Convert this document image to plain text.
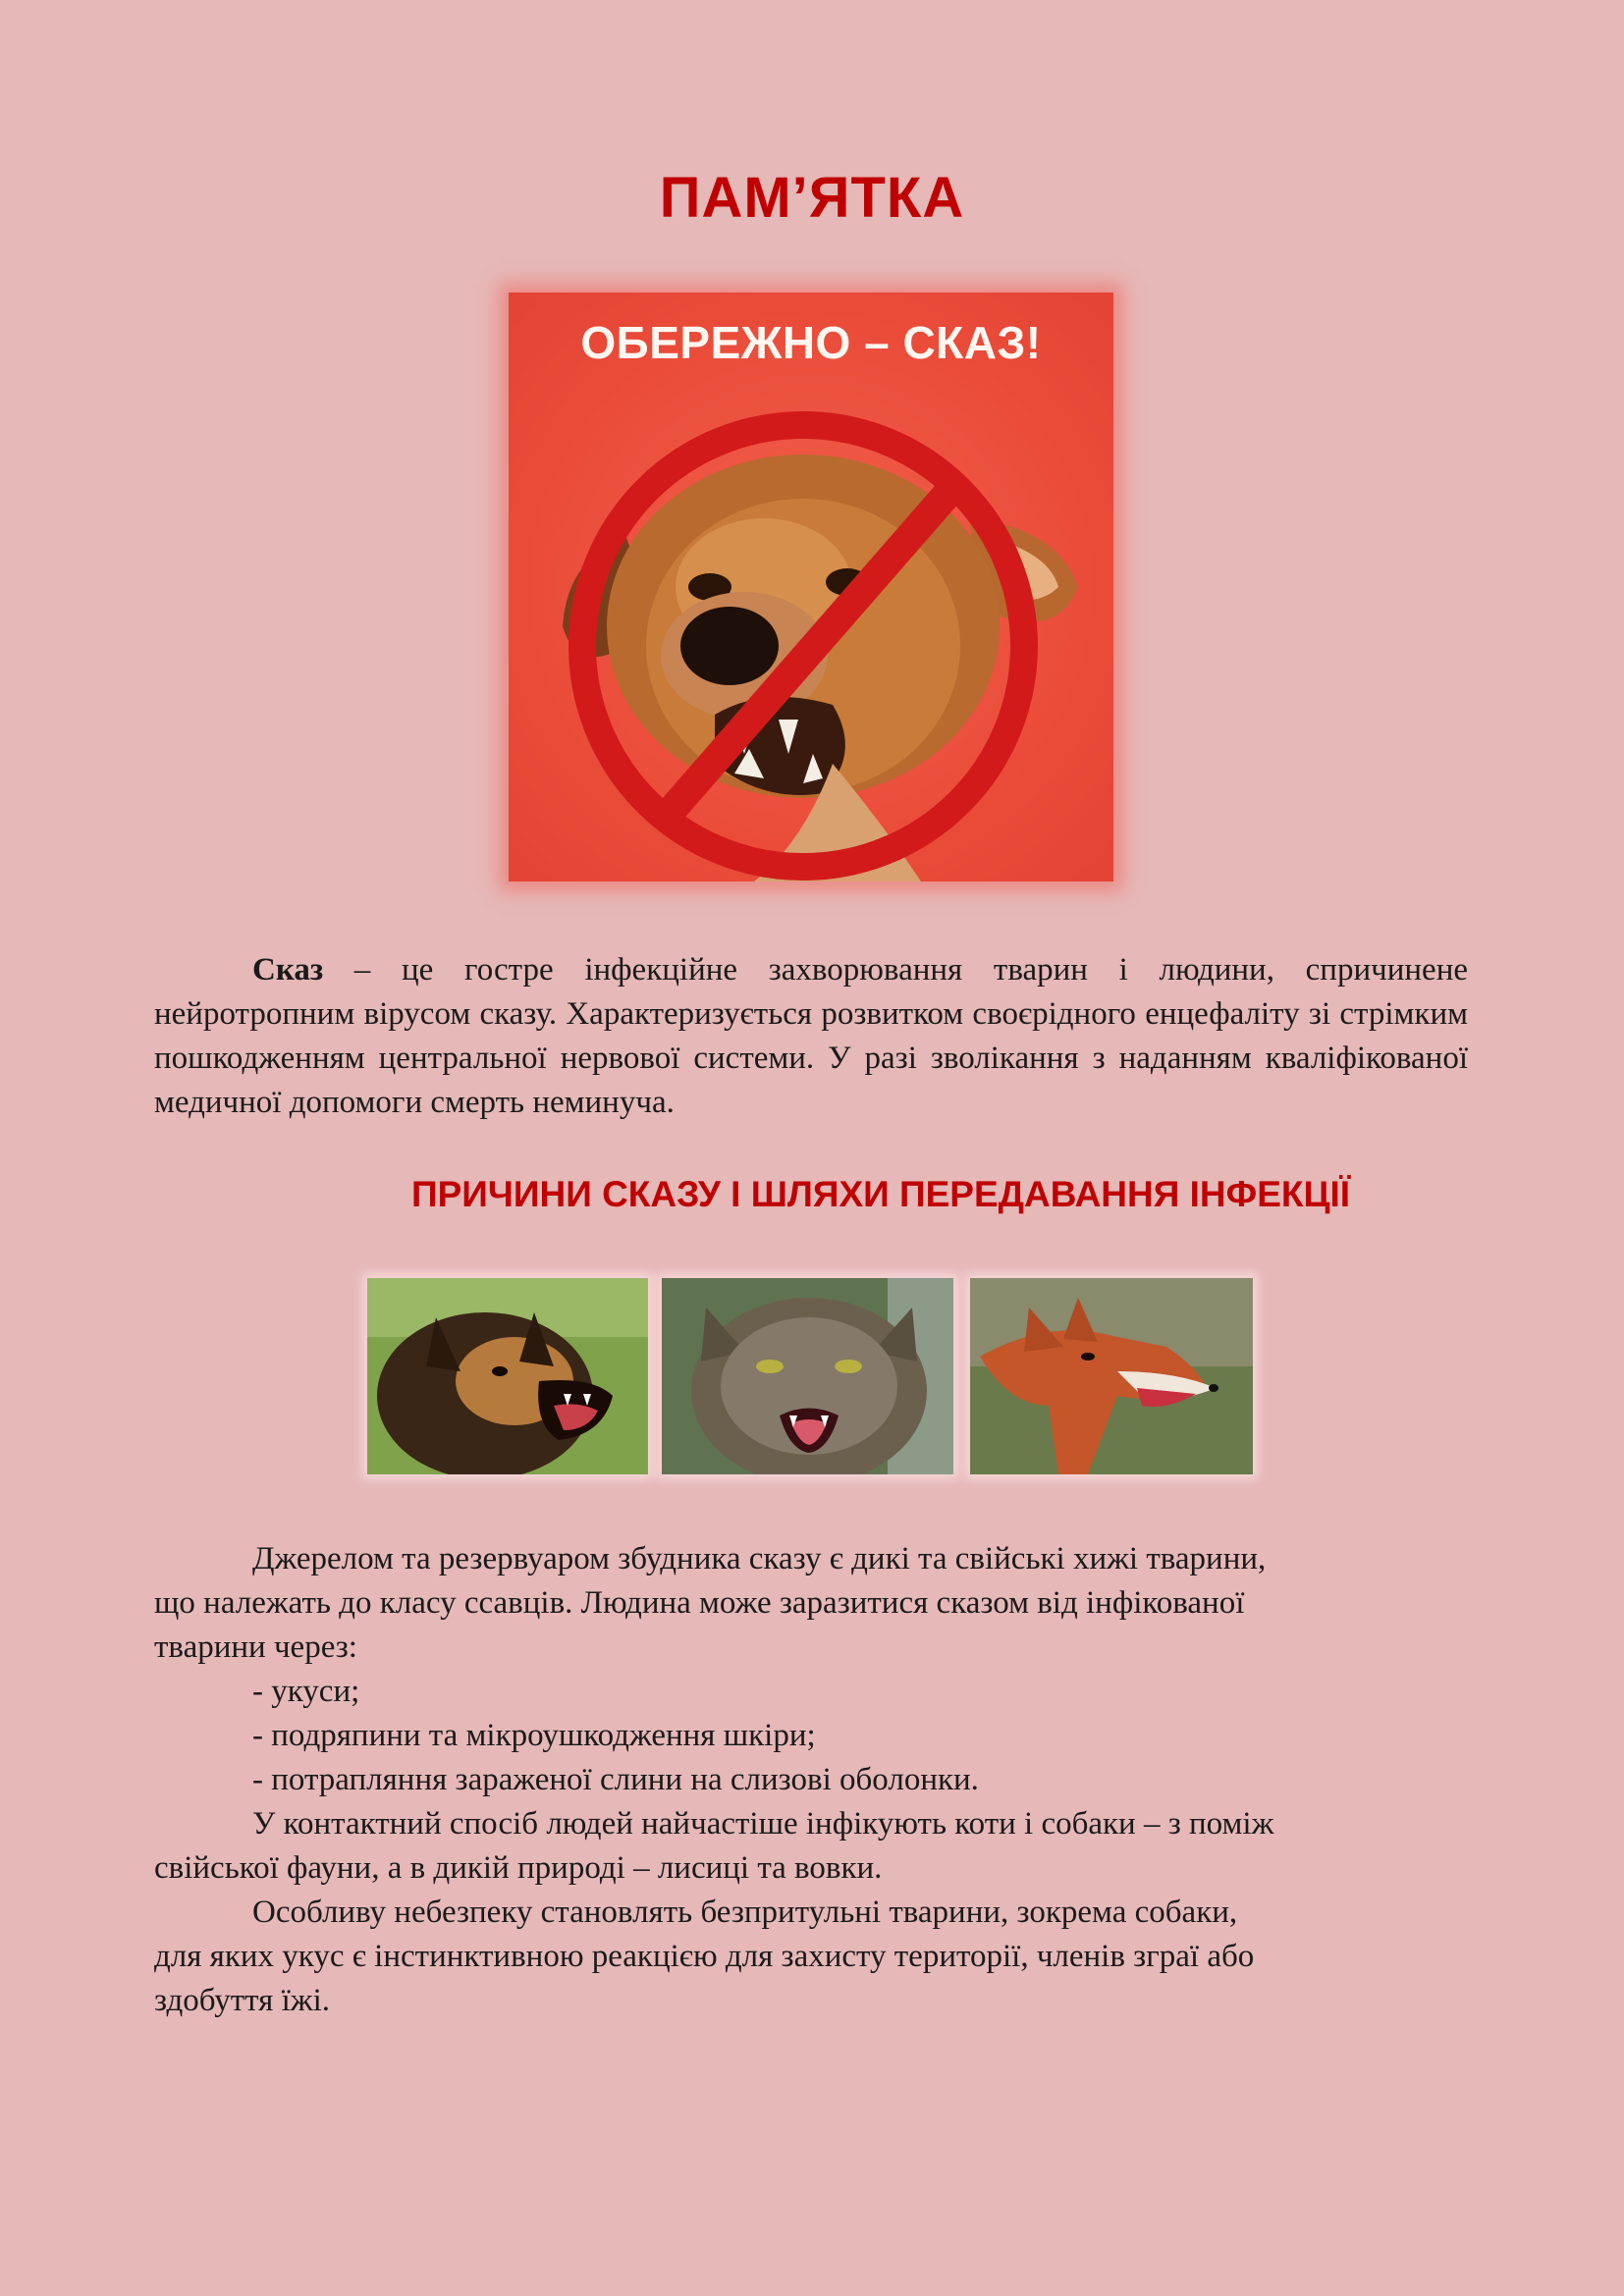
ПАМ’ЯТКА
ОБЕРЕЖНО – СКАЗ!

Сказ – це гостре інфекційне захворювання тварин і людини, спричинене нейротропним вірусом сказу. Характеризується розвитком своєрідного енцефаліту зі стрімким пошкодженням центральної нервової системи. У разі зволікання з наданням кваліфікованої медичної допомоги смерть неминуча.

ПРИЧИНИ СКАЗУ І ШЛЯХИ ПЕРЕДАВАННЯ ІНФЕКЦІЇ

Джерелом та резервуаром збудника сказу є дикі та свійські хижі тварини,

що належать до класу ссавців. Людина може заразитися сказом від інфікованої

тварини через:

- укуси;

- подряпини та мікроушкодження шкіри;

- потрапляння зараженої слини на слизові оболонки.

У контактний спосіб людей найчастіше інфікують коти і собаки – з поміж

свійської фауни, а в дикій природі – лисиці та вовки.

Особливу небезпеку становлять безпритульні тварини, зокрема собаки,

для яких укус є інстинктивною реакцією для захисту території, членів зграї або

здобуття їжі.
